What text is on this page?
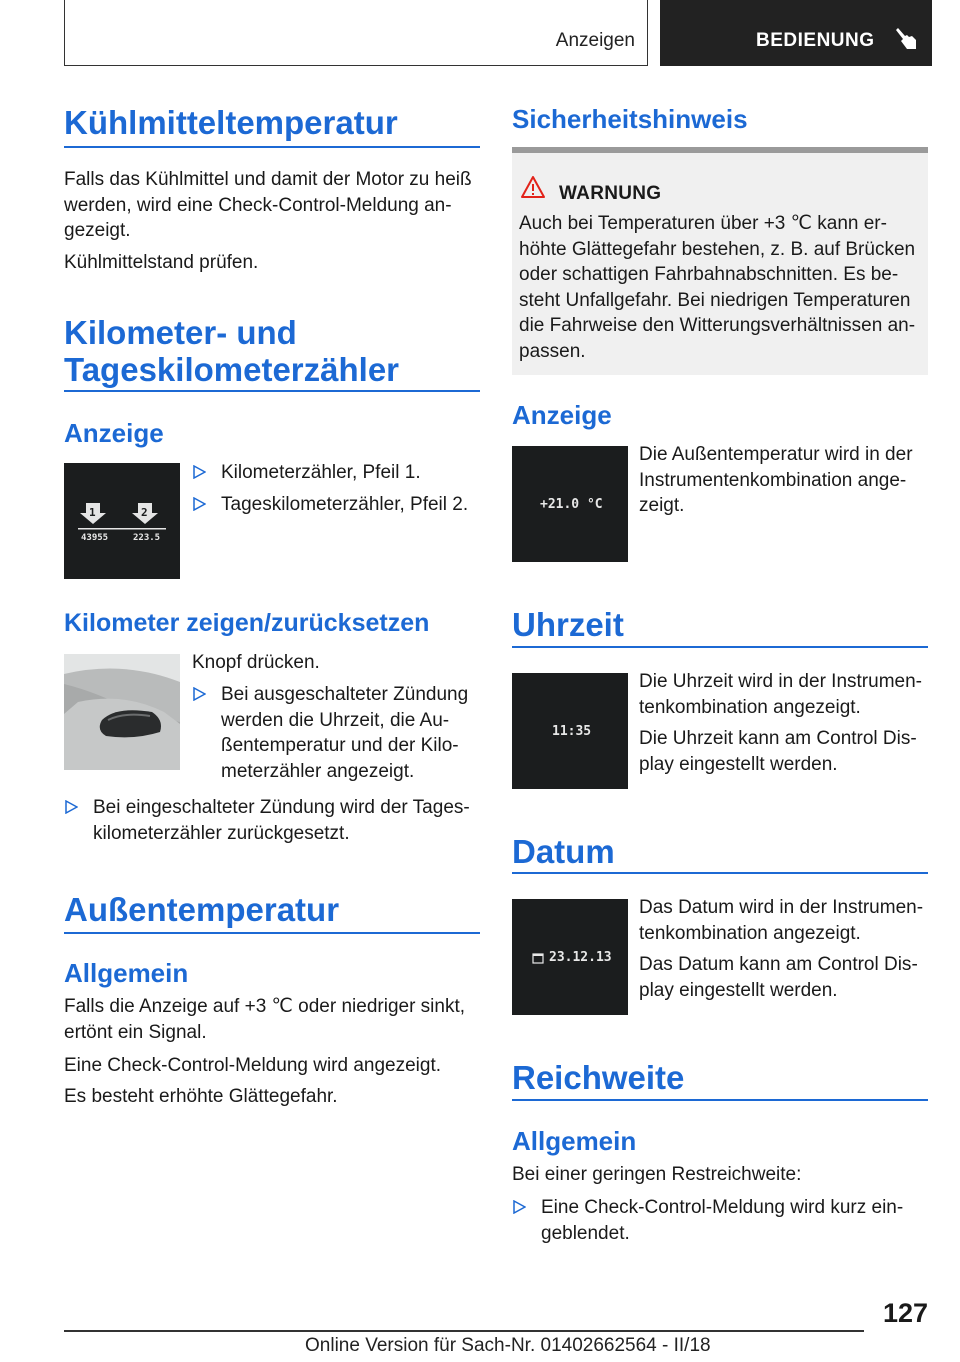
Anzeigen	BEDIENUNG
Kühlmitteltemperatur

Falls das Kühlmittel und damit der Motor zu heiß werden, wird eine Check-Control-Meldung angezeigt.

Kühlmittelstand prüfen.

Kilometer- und Tageskilometerzähler
Anzeige
1	2
43955	223.5
Kilometerzähler, Pfeil 1.
Tageskilometerzähler, Pfeil 2.
Kilometer zeigen/zurücksetzen

Knopf drücken.

Bei ausgeschalteter Zündung werden die Uhrzeit, die Außentemperatur und der Kilometerzähler angezeigt.
Bei eingeschalteter Zündung wird der Tageskilometerzähler zurückgesetzt.
Außentemperatur
Allgemein

Falls die Anzeige auf +3 ℃ oder niedriger sinkt, ertönt ein Signal.

Eine Check-Control-Meldung wird angezeigt.

Es besteht erhöhte Glättegefahr.

Sicherheitshinweis
WARNUNG
Auch bei Temperaturen über +3 ℃ kann erhöhte Glättegefahr bestehen, z. B. auf Brücken oder schattigen Fahrbahnabschnitten. Es besteht Unfallgefahr. Bei niedrigen Temperaturen die Fahrweise den Witterungsverhältnissen anpassen.
Anzeige
+21.0 °C

Die Außentemperatur wird in der Instrumentenkombination angezeigt.

Uhrzeit
11:35

Die Uhrzeit wird in der Instrumentenkombination angezeigt.

Die Uhrzeit kann am Control Display eingestellt werden.

Datum
23.12.13

Das Datum wird in der Instrumentenkombination angezeigt.

Das Datum kann am Control Display eingestellt werden.

Reichweite
Allgemein

Bei einer geringen Restreichweite:

Eine Check-Control-Meldung wird kurz eingeblendet.
127
Online Version für Sach-Nr. 01402662564 - II/18
